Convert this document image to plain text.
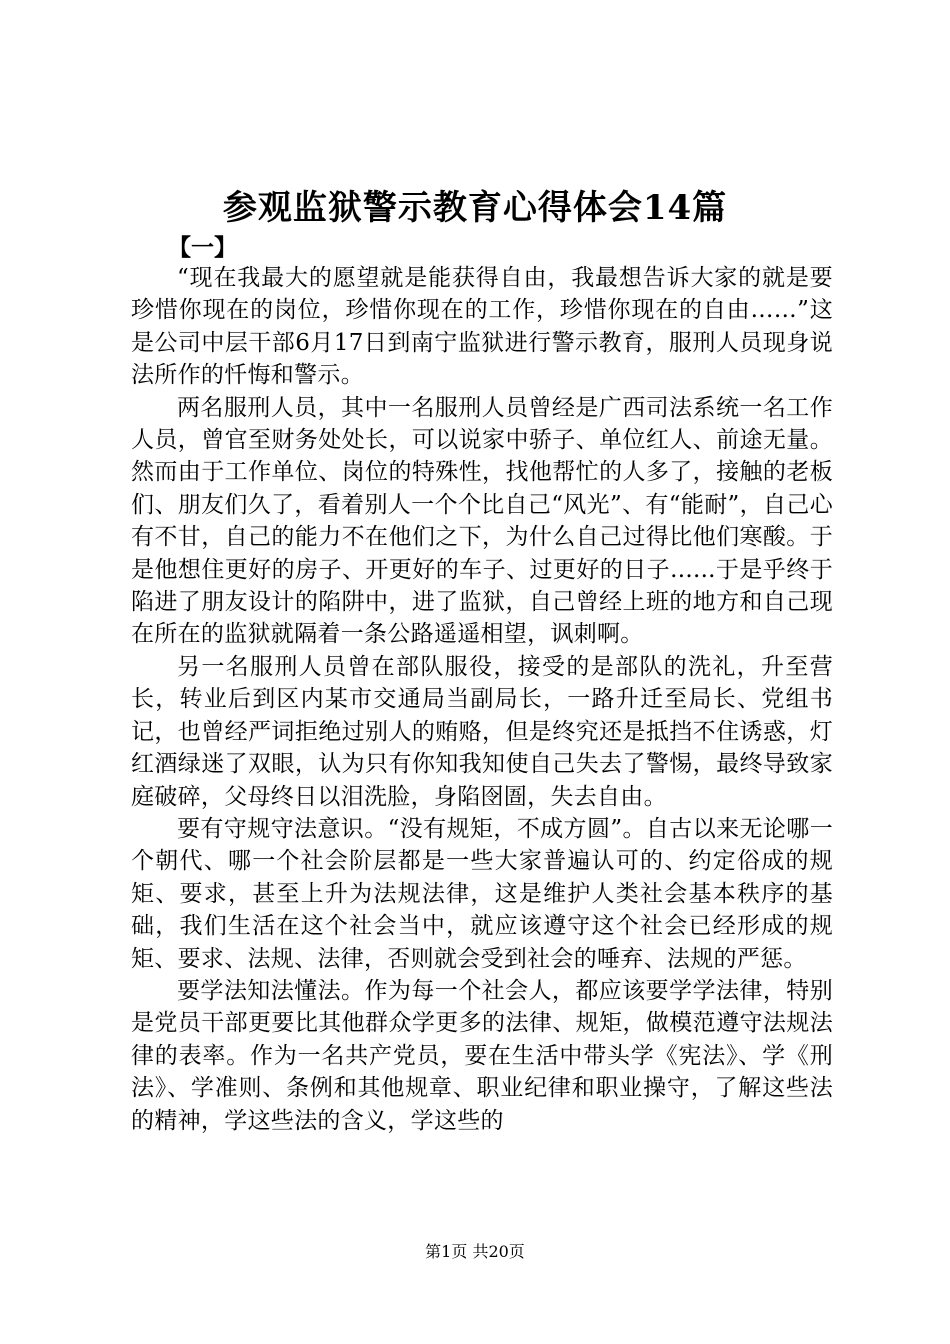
参观监狱警示教育心得体会14篇
【一】

“现在我最大的愿望就是能获得自由，我最想告诉大家的就是要珍惜你现在的岗位，珍惜你现在的工作，珍惜你现在的自由……”这是公司中层干部6月17日到南宁监狱进行警示教育，服刑人员现身说法所作的忏悔和警示。

两名服刑人员，其中一名服刑人员曾经是广西司法系统一名工作人员，曾官至财务处处长，可以说家中骄子、单位红人、前途无量。然而由于工作单位、岗位的特殊性，找他帮忙的人多了，接触的老板们、朋友们久了，看着别人一个个比自己“风光”、有“能耐”，自己心有不甘，自己的能力不在他们之下，为什么自己过得比他们寒酸。于是他想住更好的房子、开更好的车子、过更好的日子......于是乎终于陷进了朋友设计的陷阱中，进了监狱，自己曾经上班的地方和自己现在所在的监狱就隔着一条公路遥遥相望，讽刺啊。

另一名服刑人员曾在部队服役，接受的是部队的洗礼，升至营长，转业后到区内某市交通局当副局长，一路升迁至局长、党组书记，也曾经严词拒绝过别人的贿赂，但是终究还是抵挡不住诱惑，灯红酒绿迷了双眼，认为只有你知我知使自己失去了警惕，最终导致家庭破碎，父母终日以泪洗脸，身陷囹圄，失去自由。

要有守规守法意识。“没有规矩，不成方圆”。自古以来无论哪一个朝代、哪一个社会阶层都是一些大家普遍认可的、约定俗成的规矩、要求，甚至上升为法规法律，这是维护人类社会基本秩序的基础，我们生活在这个社会当中，就应该遵守这个社会已经形成的规矩、要求、法规、法律，否则就会受到社会的唾弃、法规的严惩。

要学法知法懂法。作为每一个社会人，都应该要学学法律，特别是党员干部更要比其他群众学更多的法律、规矩，做模范遵守法规法律的表率。作为一名共产党员，要在生活中带头学《宪法》、学《刑法》、学准则、条例和其他规章、职业纪律和职业操守，了解这些法的精神，学这些法的含义，学这些的

第1页 共20页
